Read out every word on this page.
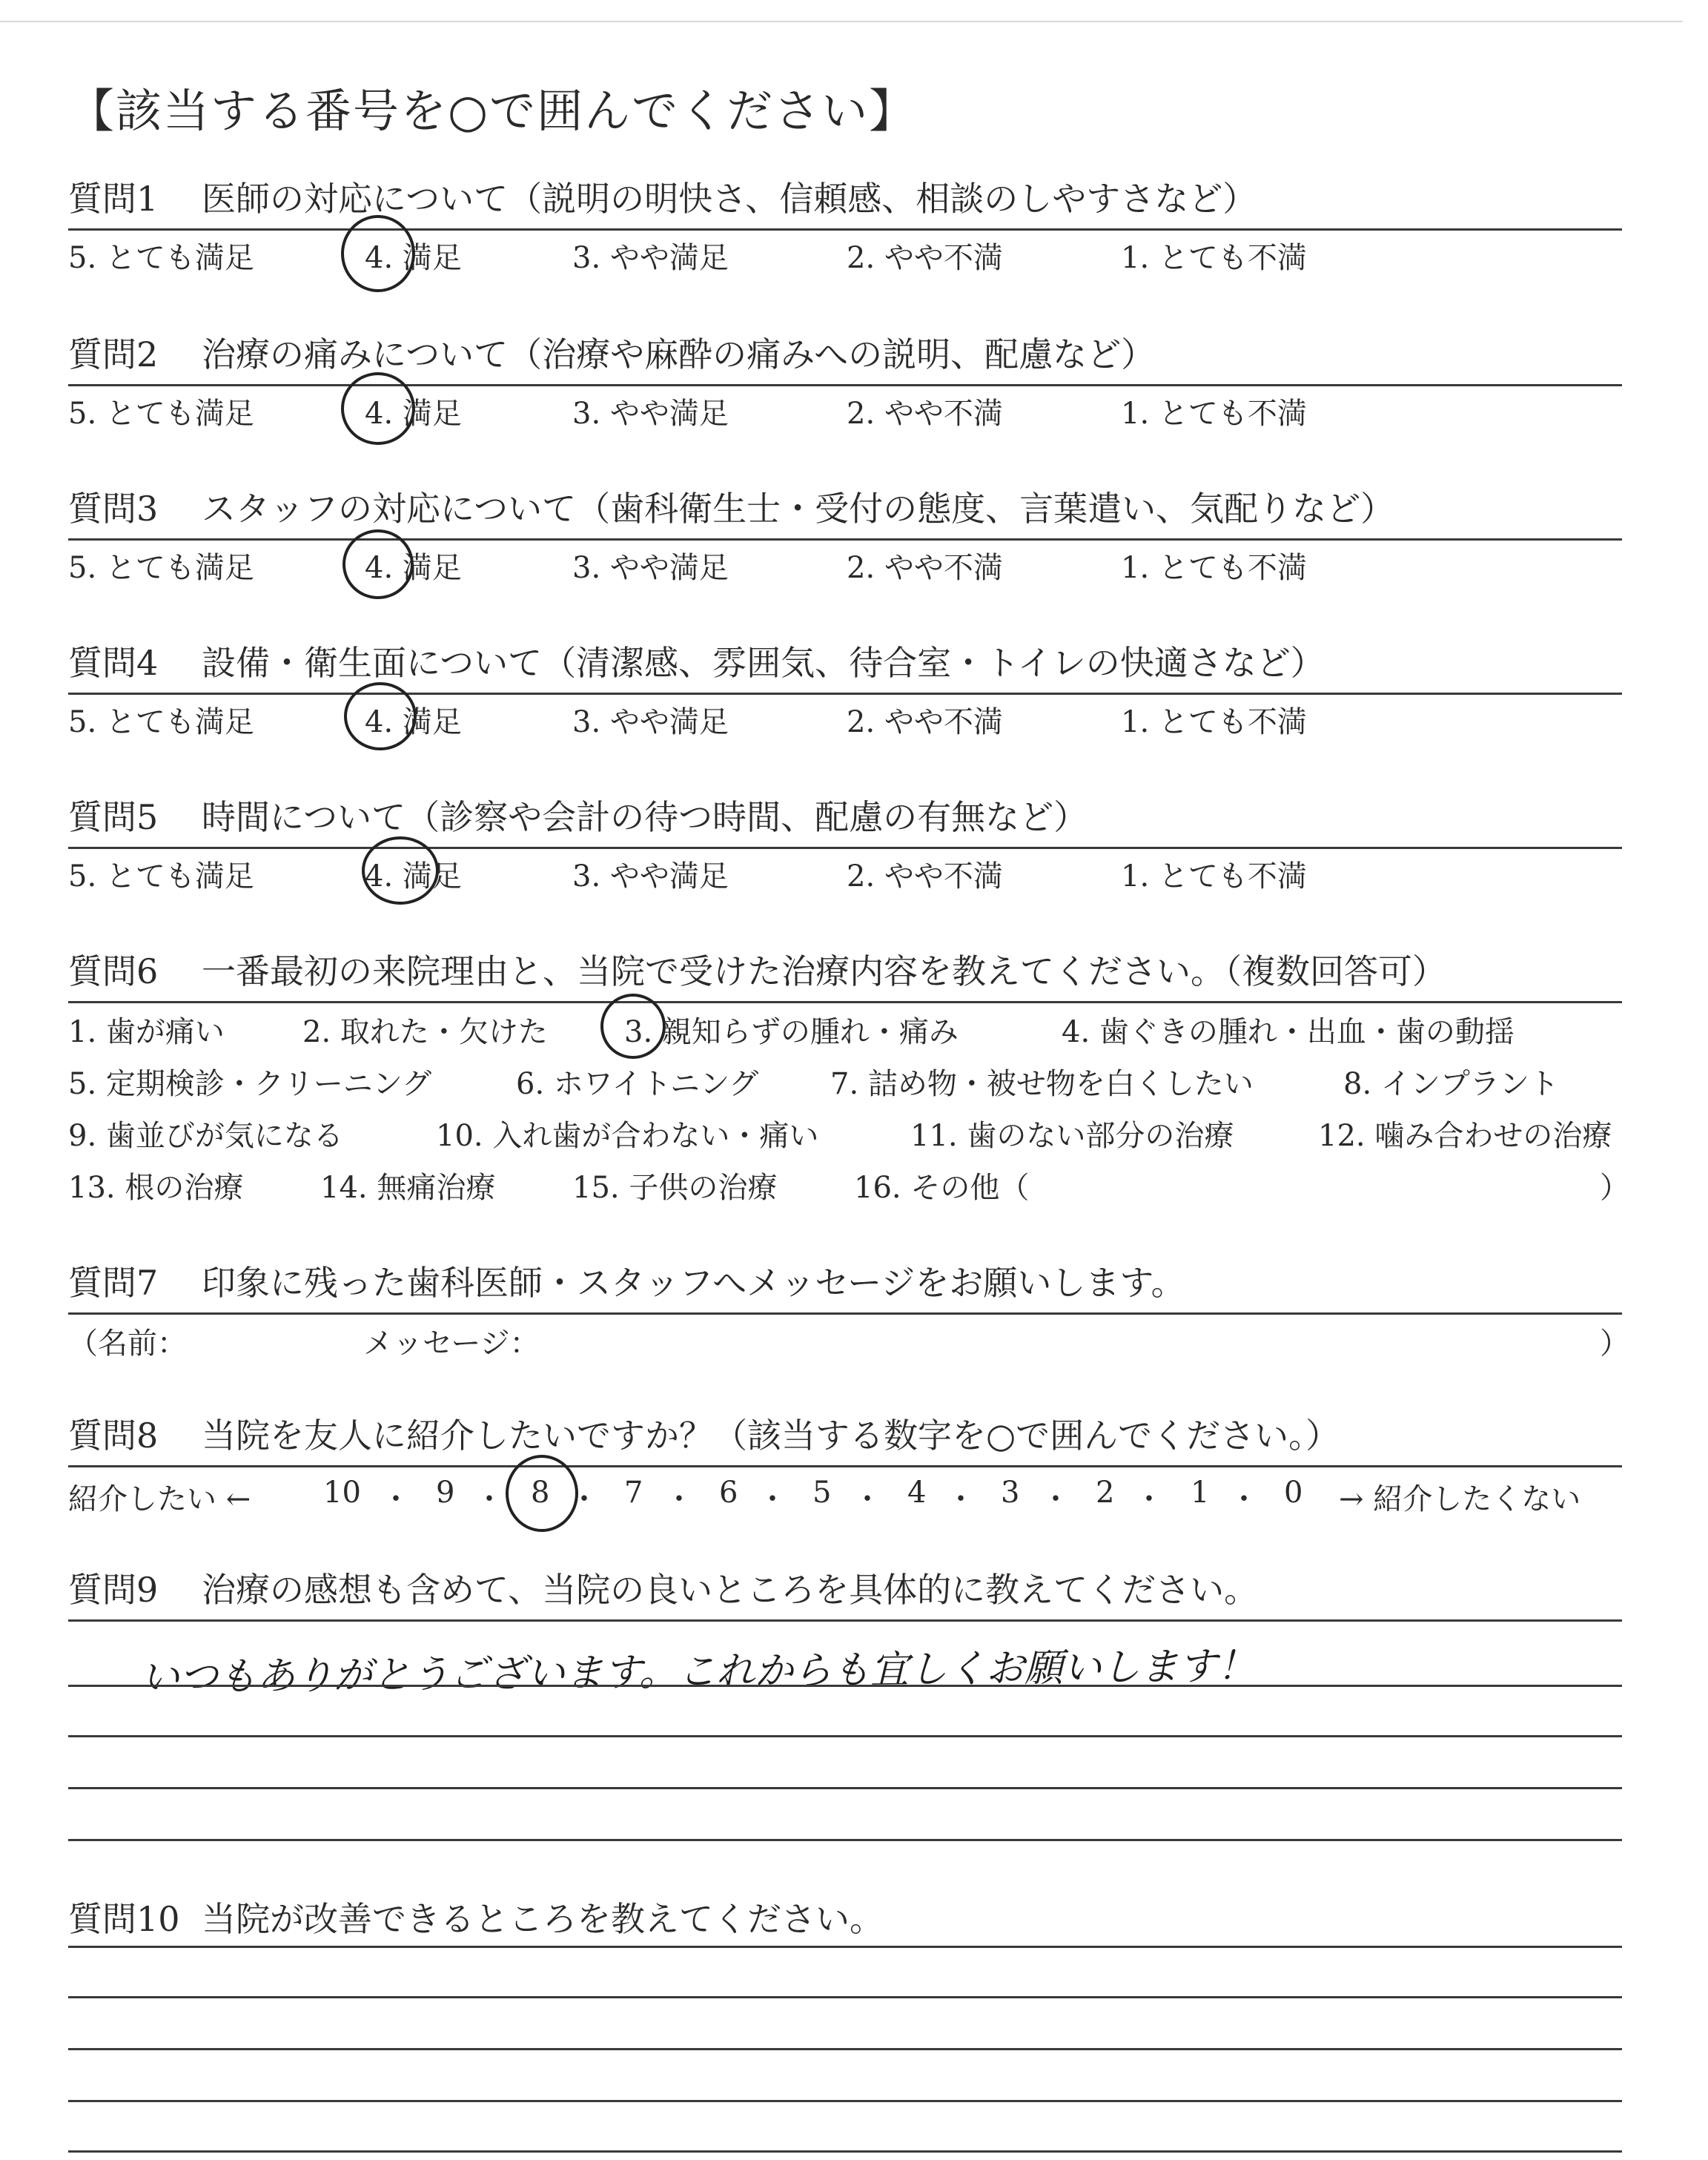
【該当する番号を○で囲んでください】
質問1 医師の対応について（説明の明快さ、信頼感、相談のしやすさなど）
5. とても満足	4. 満足	3. やや満足	2. やや不満	1. とても不満
質問2 治療の痛みについて（治療や麻酔の痛みへの説明、配慮など）
5. とても満足	4. 満足	3. やや満足	2. やや不満	1. とても不満
質問3 スタッフの対応について（歯科衛生士・受付の態度、言葉遣い、気配りなど）
5. とても満足	4. 満足	3. やや満足	2. やや不満	1. とても不満
質問4 設備・衛生面について（清潔感、雰囲気、待合室・トイレの快適さなど）
5. とても満足	4. 満足	3. やや満足	2. やや不満	1. とても不満
質問5 時間について（診察や会計の待つ時間、配慮の有無など）
5. とても満足	4. 満足	3. やや満足	2. やや不満	1. とても不満
質問6 一番最初の来院理由と、当院で受けた治療内容を教えてください。（複数回答可）
1. 歯が痛い	2. 取れた・欠けた	3. 親知らずの腫れ・痛み	4. 歯ぐきの腫れ・出血・歯の動揺
5. 定期検診・クリーニング	6. ホワイトニング 7. 詰め物・被せ物を白くしたい	8. インプラント
9. 歯並びが気になる	10. 入れ歯が合わない・痛い	11. 歯のない部分の治療	12. 噛み合わせの治療
13. 根の治療	14. 無痛治療	15. 子供の治療	16. その他（	）
質問7 印象に残った歯科医師・スタッフへメッセージをお願いします。
（名前：	メッセージ：	）
質問8 当院を友人に紹介したいですか？（該当する数字を○で囲んでください。）
紹介したい ← 10 ・ 9 ・ 8 ・ 7 ・ 6 ・ 5 ・ 4 ・ 3 ・ 2 ・ 1 ・ 0 → 紹介したくない
質問9 治療の感想も含めて、当院の良いところを具体的に教えてください。
いつもありがとうございます。これからも宜しくお願いします！
質問10 当院が改善できるところを教えてください。
